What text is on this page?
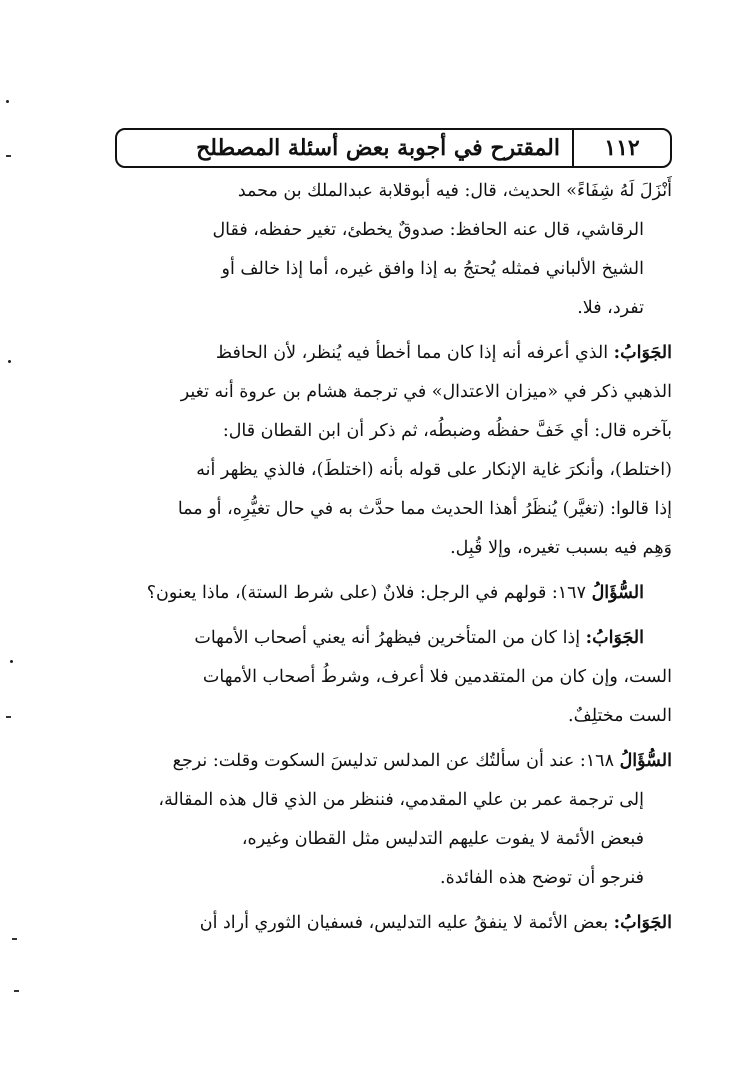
١١٢
المقترح في أجوبة بعض أسئلة المصطلح
أَنْزَلَ لَهُ شِفَاءً» الحديث، قال: فيه أبوقلابة عبدالملك بن محمد
الرقاشي، قال عنه الحافظ: صدوقٌ يخطئ، تغير حفظه، فقال
الشيخ الألباني فمثله يُحتجُ به إذا وافق غيره، أما إذا خالف أو
تفرد، فلا.
الجَوَابُ: الذي أعرفه أنه إذا كان مما أخطأ فيه يُنظر، لأن الحافظ
الذهبي ذكر في «ميزان الاعتدال» في ترجمة هشام بن عروة أنه تغير
بآخره قال: أي خَفَّ حفظُه وضبطُه، ثم ذكر أن ابن القطان قال:
(اختلط)، وأنكرَ غاية الإنكار على قوله بأنه (اختلطَ)، فالذي يظهر أنه
إذا قالوا: (تغيَّر) يُنظَرُ أهذا الحديث مما حدَّث به في حال تغيُّرِه، أو مما
وَهِم فيه بسبب تغيره، وإلا قُبِل.
السُّؤَالُ ١٦٧: قولهم في الرجل: فلانٌ (على شرط الستة)، ماذا يعنون؟
الجَوَابُ: إذا كان من المتأخرين فيظهرُ أنه يعني أصحاب الأمهات
الست، وإن كان من المتقدمين فلا أعرف، وشرطُ أصحاب الأمهات
الست مختلِفٌ.
السُّؤَالُ ١٦٨: عند أن سألتُك عن المدلس تدليسَ السكوت وقلت: نرجع
إلى ترجمة عمر بن علي المقدمي، فننظر من الذي قال هذه المقالة،
فبعض الأئمة لا يفوت عليهم التدليس مثل القطان وغيره،
فنرجو أن توضح هذه الفائدة.
الجَوَابُ: بعض الأئمة لا ينفقُ عليه التدليس، فسفيان الثوري أراد أن
